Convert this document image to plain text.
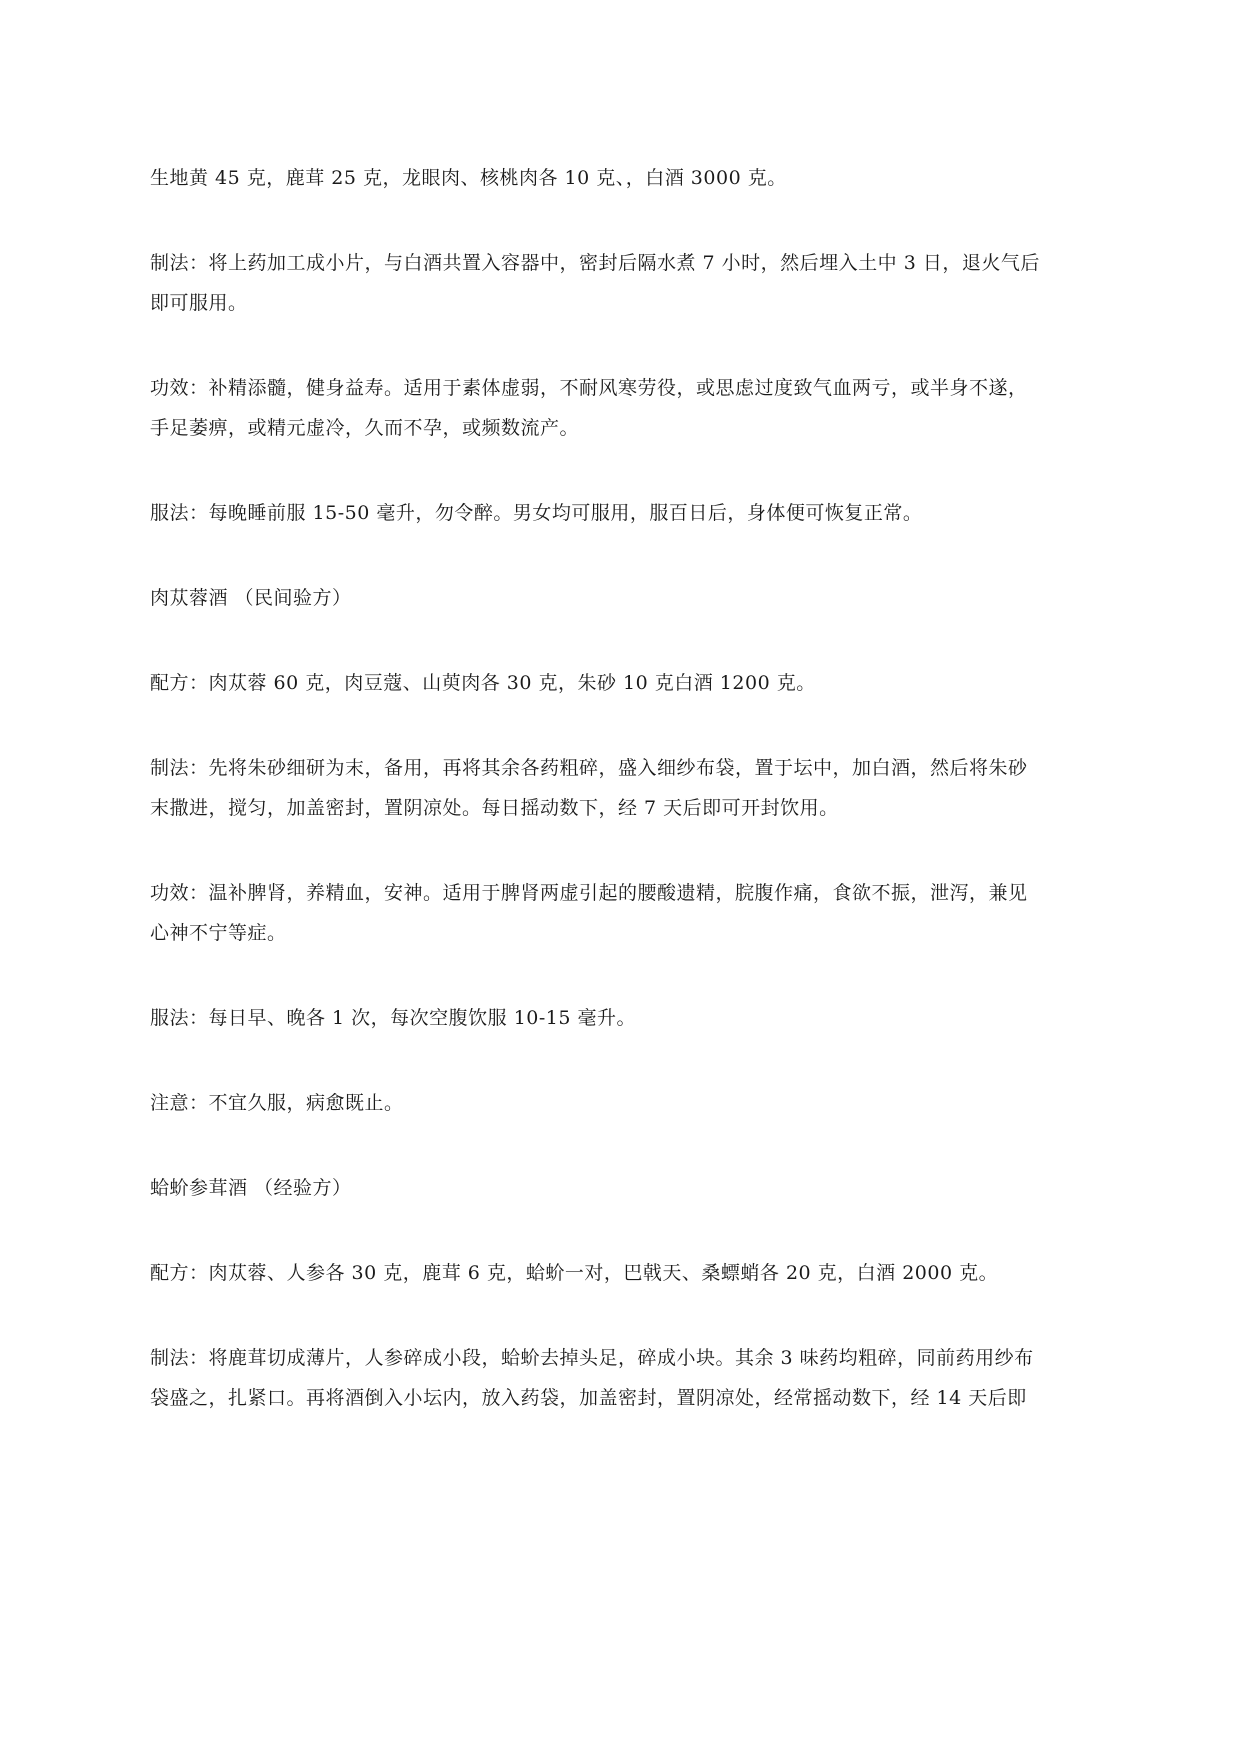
生地黄 45 克，鹿茸 25 克，龙眼肉、核桃肉各 10 克、，白酒 3000 克。

制法：将上药加工成小片，与白酒共置入容器中，密封后隔水煮 7 小时，然后埋入土中 3 日，退火气后
即可服用。

功效：补精添髓，健身益寿。适用于素体虚弱，不耐风寒劳役，或思虑过度致气血两亏，或半身不遂，
手足萎痹，或精元虚冷，久而不孕，或频数流产。

服法：每晚睡前服 15-50 毫升，勿令醉。男女均可服用，服百日后，身体便可恢复正常。

肉苁蓉酒 （民间验方）

配方：肉苁蓉 60 克，肉豆蔻、山萸肉各 30 克，朱砂 10 克白酒 1200 克。

制法：先将朱砂细研为末，备用，再将其余各药粗碎，盛入细纱布袋，置于坛中，加白酒，然后将朱砂
末撒进，搅匀，加盖密封，置阴凉处。每日摇动数下，经 7 天后即可开封饮用。

功效：温补脾肾，养精血，安神。适用于脾肾两虚引起的腰酸遗精，脘腹作痛，食欲不振，泄泻，兼见
心神不宁等症。

服法：每日早、晚各 1 次，每次空腹饮服 10-15 毫升。

注意：不宜久服，病愈既止。

蛤蚧参茸酒 （经验方）

配方：肉苁蓉、人参各 30 克，鹿茸 6 克，蛤蚧一对，巴戟天、桑螵蛸各 20 克，白酒 2000 克。

制法：将鹿茸切成薄片，人参碎成小段，蛤蚧去掉头足，碎成小块。其余 3 味药均粗碎，同前药用纱布
袋盛之，扎紧口。再将酒倒入小坛内，放入药袋，加盖密封，置阴凉处，经常摇动数下，经 14 天后即
